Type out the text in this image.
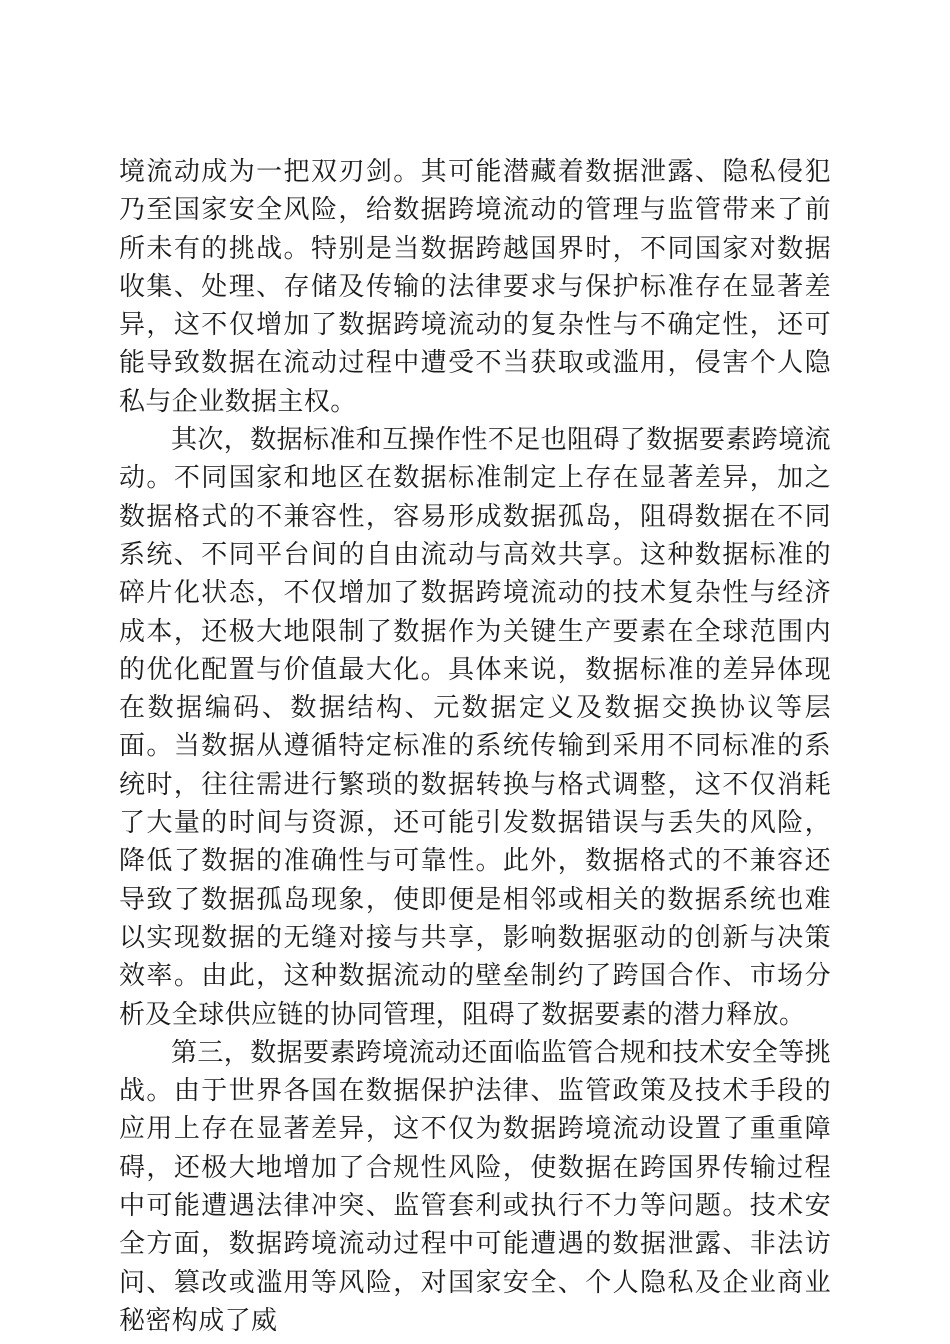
境流动成为一把双刃剑。其可能潜藏着数据泄露、隐私侵犯乃至国家安全风险，给数据跨境流动的管理与监管带来了前所未有的挑战。特别是当数据跨越国界时，不同国家对数据收集、处理、存储及传输的法律要求与保护标准存在显著差异，这不仅增加了数据跨境流动的复杂性与不确定性，还可能导致数据在流动过程中遭受不当获取或滥用，侵害个人隐私与企业数据主权。

其次，数据标准和互操作性不足也阻碍了数据要素跨境流动。不同国家和地区在数据标准制定上存在显著差异，加之数据格式的不兼容性，容易形成数据孤岛，阻碍数据在不同系统、不同平台间的自由流动与高效共享。这种数据标准的碎片化状态，不仅增加了数据跨境流动的技术复杂性与经济成本，还极大地限制了数据作为关键生产要素在全球范围内的优化配置与价值最大化。具体来说，数据标准的差异体现在数据编码、数据结构、元数据定义及数据交换协议等层面。当数据从遵循特定标准的系统传输到采用不同标准的系统时，往往需进行繁琐的数据转换与格式调整，这不仅消耗了大量的时间与资源，还可能引发数据错误与丢失的风险，降低了数据的准确性与可靠性。此外，数据格式的不兼容还导致了数据孤岛现象，使即便是相邻或相关的数据系统也难以实现数据的无缝对接与共享，影响数据驱动的创新与决策效率。由此，这种数据流动的壁垒制约了跨国合作、市场分析及全球供应链的协同管理，阻碍了数据要素的潜力释放。

第三，数据要素跨境流动还面临监管合规和技术安全等挑战。由于世界各国在数据保护法律、监管政策及技术手段的应用上存在显著差异，这不仅为数据跨境流动设置了重重障碍，还极大地增加了合规性风险，使数据在跨国界传输过程中可能遭遇法律冲突、监管套利或执行不力等问题。技术安全方面，数据跨境流动过程中可能遭遇的数据泄露、非法访问、篡改或滥用等风险，对国家安全、个人隐私及企业商业秘密构成了威
